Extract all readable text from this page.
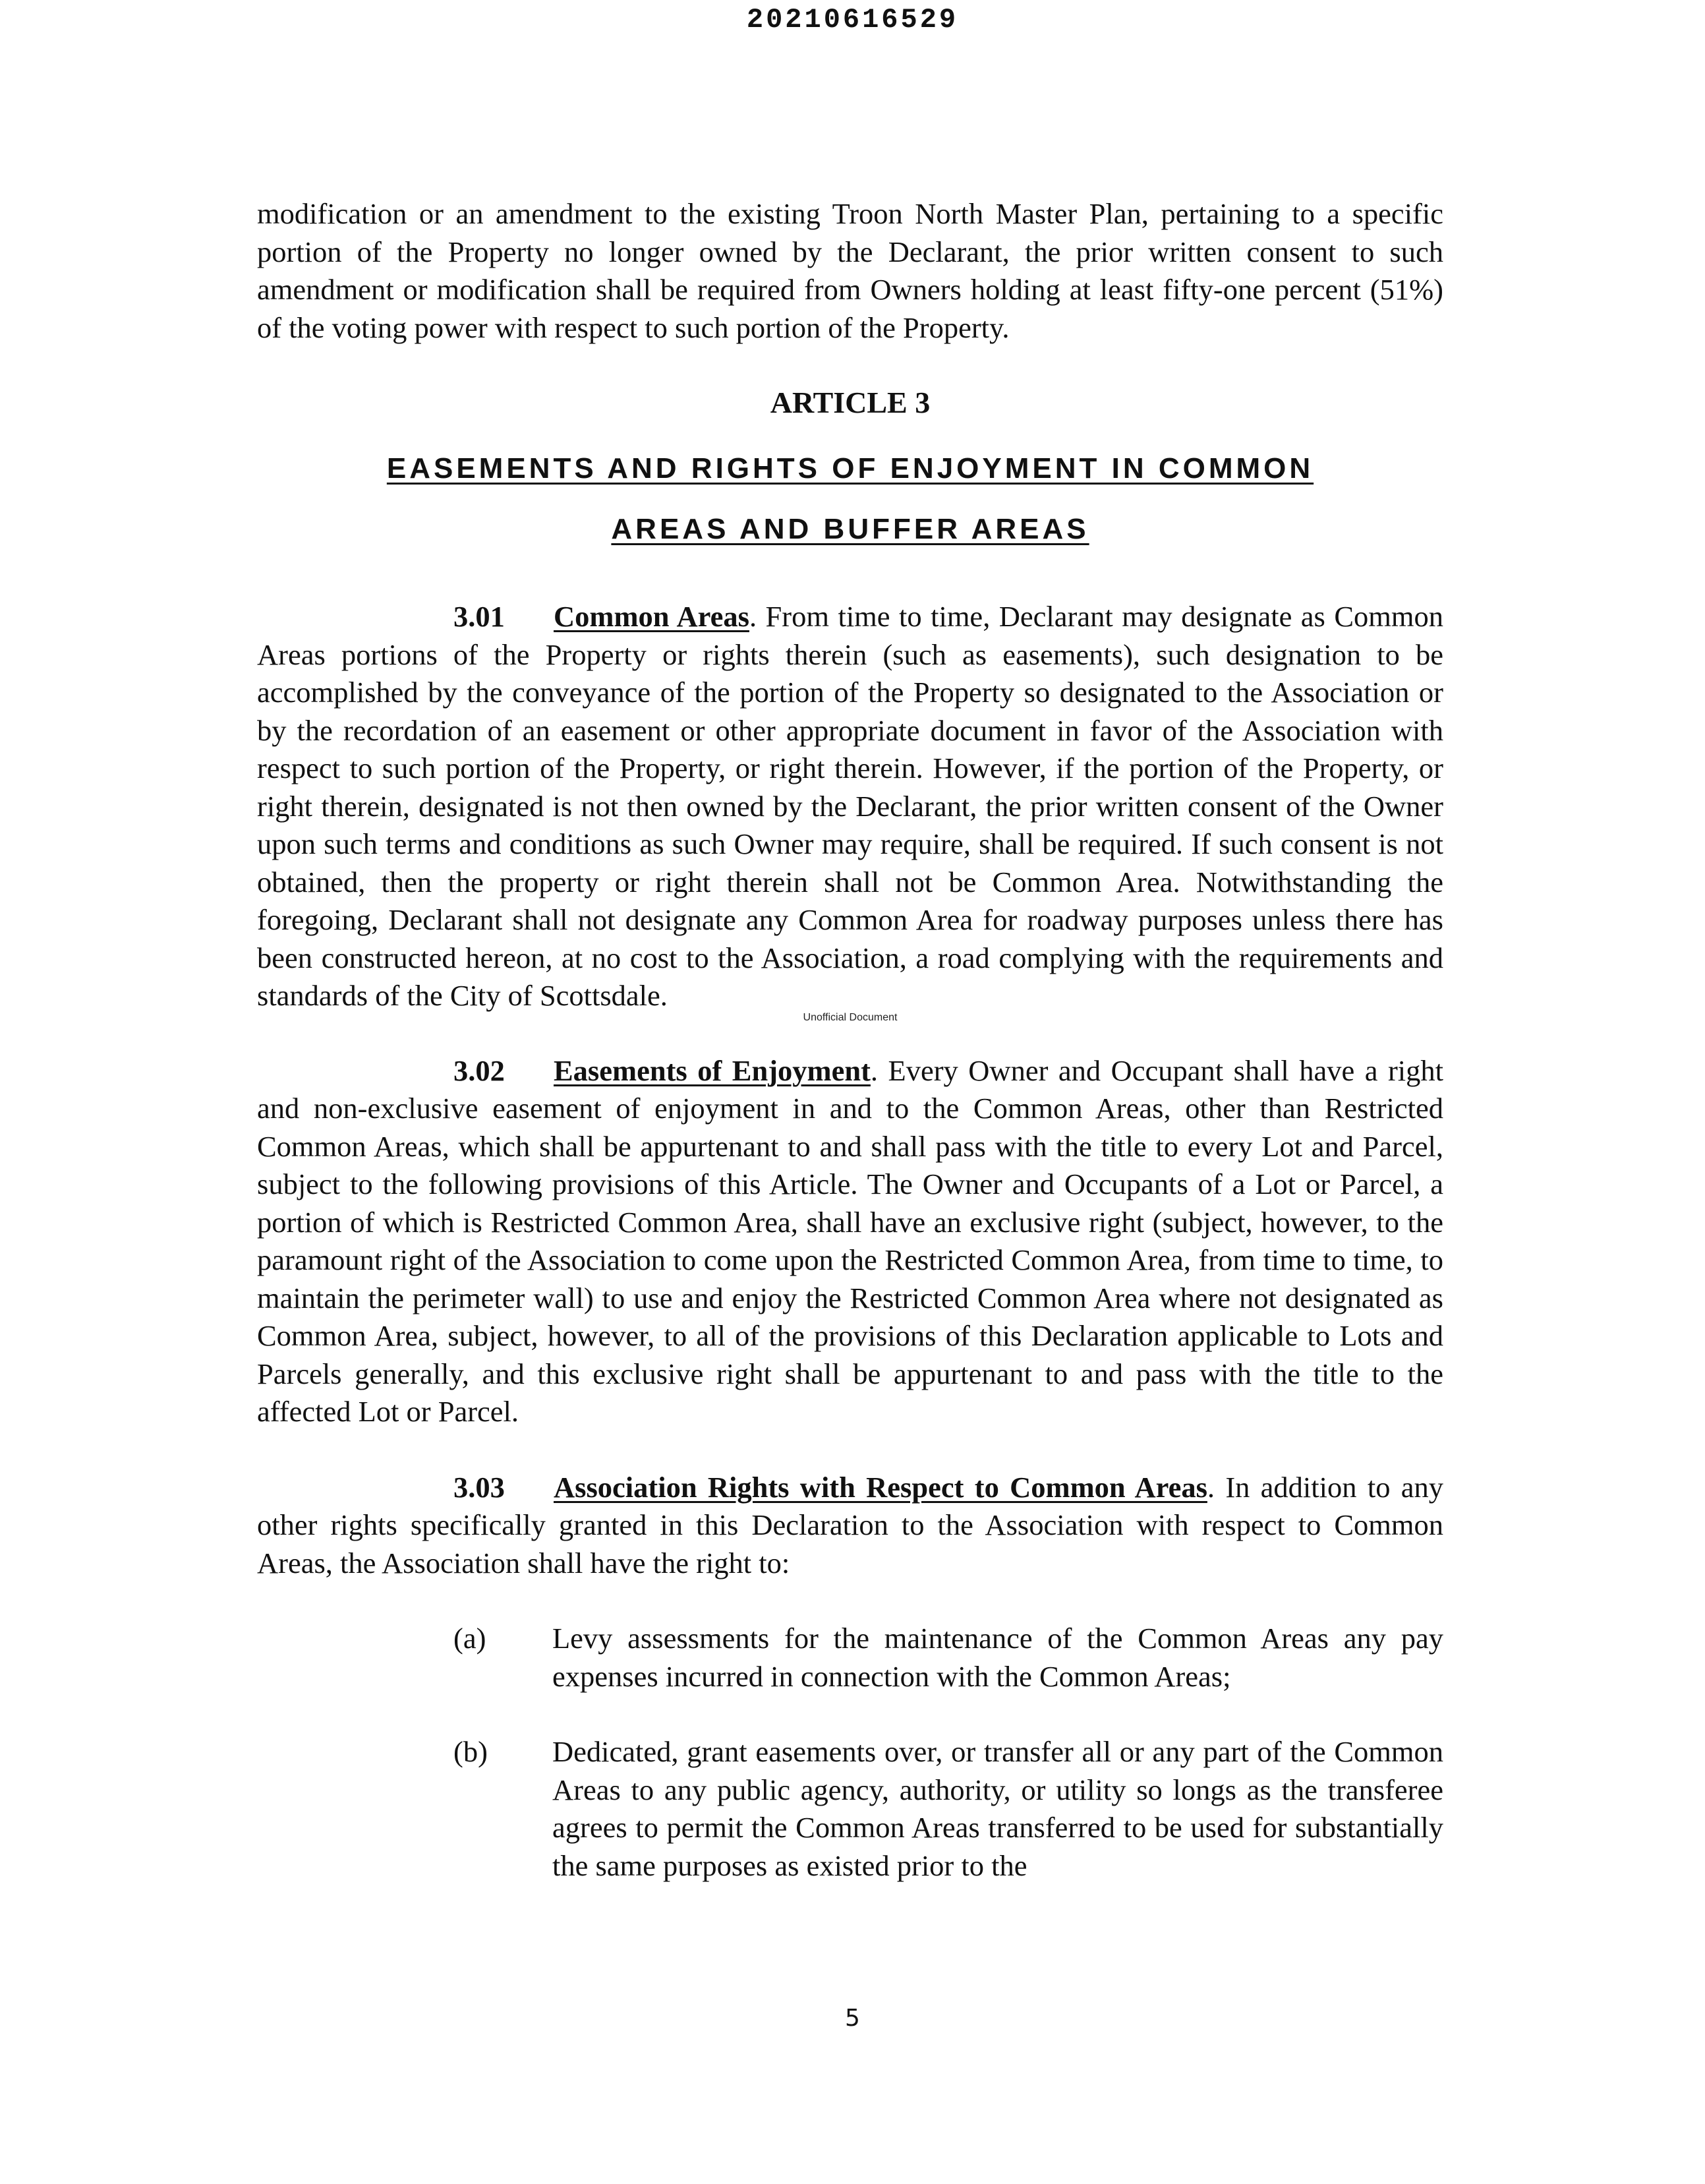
20210616529

modification or an amendment to the existing Troon North Master Plan, pertaining to a specific portion of the Property no longer owned by the Declarant, the prior written consent to such amendment or modification shall be required from Owners holding at least fifty-one percent (51%) of the voting power with respect to such portion of the Property.

ARTICLE 3

EASEMENTS AND RIGHTS OF ENJOYMENT IN COMMON

AREAS AND BUFFER AREAS

3.01 Common Areas. From time to time, Declarant may designate as Common Areas portions of the Property or rights therein (such as easements), such designation to be accomplished by the conveyance of the portion of the Property so designated to the Association or by the recordation of an easement or other appropriate document in favor of the Association with respect to such portion of the Property, or right therein. However, if the portion of the Property, or right therein, designated is not then owned by the Declarant, the prior written consent of the Owner upon such terms and conditions as such Owner may require, shall be required. If such consent is not obtained, then the property or right therein shall not be Common Area. Notwithstanding the foregoing, Declarant shall not designate any Common Area for roadway purposes unless there has been constructed hereon, at no cost to the Association, a road complying with the requirements and standards of the City of Scottsdale.

Unofficial Document

3.02 Easements of Enjoyment. Every Owner and Occupant shall have a right and non-exclusive easement of enjoyment in and to the Common Areas, other than Restricted Common Areas, which shall be appurtenant to and shall pass with the title to every Lot and Parcel, subject to the following provisions of this Article. The Owner and Occupants of a Lot or Parcel, a portion of which is Restricted Common Area, shall have an exclusive right (subject, however, to the paramount right of the Association to come upon the Restricted Common Area, from time to time, to maintain the perimeter wall) to use and enjoy the Restricted Common Area where not designated as Common Area, subject, however, to all of the provisions of this Declaration applicable to Lots and Parcels generally, and this exclusive right shall be appurtenant to and pass with the title to the affected Lot or Parcel.

3.03 Association Rights with Respect to Common Areas. In addition to any other rights specifically granted in this Declaration to the Association with respect to Common Areas, the Association shall have the right to:

(a)	Levy assessments for the maintenance of the Common Areas any pay expenses incurred in connection with the Common Areas;
(b)	Dedicated, grant easements over, or transfer all or any part of the Common Areas to any public agency, authority, or utility so longs as the transferee agrees to permit the Common Areas transferred to be used for substantially the same purposes as existed prior to the
5
